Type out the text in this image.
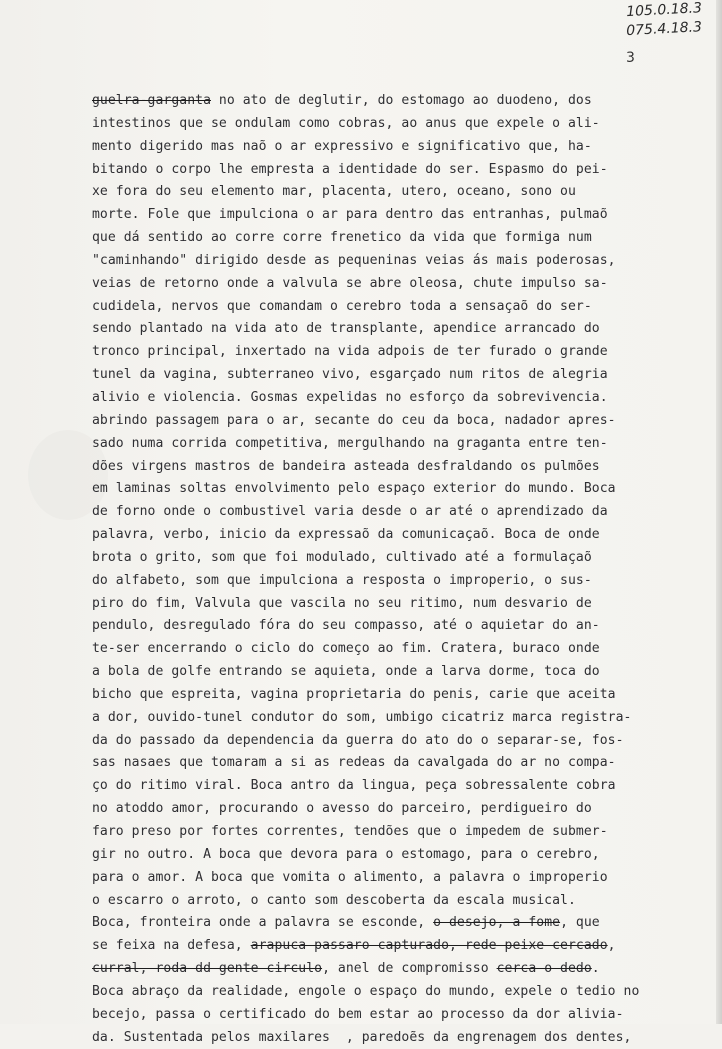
105.0.18.3
075.4.18.3
3
guelra-garganta no ato de deglutir, do estomago ao duodeno, dos
intestinos que se ondulam como cobras, ao anus que expele o ali-
mento digerido mas naõ o ar expressivo e significativo que, ha-
bitando o corpo lhe empresta a identidade do ser. Espasmo do pei-
xe fora do seu elemento mar, placenta, utero, oceano, sono ou
morte. Fole que impulciona o ar para dentro das entranhas, pulmaõ
que dá sentido ao corre corre frenetico da vida que formiga num
"caminhando" dirigido desde as pequeninas veias ás mais poderosas,
veias de retorno onde a valvula se abre oleosa, chute impulso sa-
cudidela, nervos que comandam o cerebro toda a sensaçaõ do ser-
sendo plantado na vida ato de transplante, apendice arrancado do
tronco principal, inxertado na vida adpois de ter furado o grande
tunel da vagina, subterraneo vivo, esgarçado num ritos de alegria
alivio e violencia. Gosmas expelidas no esforço da sobrevivencia.
abrindo passagem para o ar, secante do ceu da boca, nadador apres-
sado numa corrida competitiva, mergulhando na graganta entre ten-
dões virgens mastros de bandeira asteada desfraldando os pulmões
em laminas soltas envolvimento pelo espaço exterior do mundo. Boca
de forno onde o combustivel varia desde o ar até o aprendizado da
palavra, verbo, inicio da expressaõ da comunicaçaõ. Boca de onde
brota o grito, som que foi modulado, cultivado até a formulaçaõ
do alfabeto, som que impulciona a resposta o improperio, o sus-
piro do fim, Valvula que vascila no seu ritimo, num desvario de
pendulo, desregulado fóra do seu compasso, até o aquietar do an-
te-ser encerrando o ciclo do começo ao fim. Cratera, buraco onde
a bola de golfe entrando se aquieta, onde a larva dorme, toca do
bicho que espreita, vagina proprietaria do penis, carie que aceita
a dor, ouvido-tunel condutor do som, umbigo cicatriz marca registra-
da do passado da dependencia da guerra do ato do o separar-se, fos-
sas nasaes que tomaram a si as redeas da cavalgada do ar no compa-
ço do ritimo viral. Boca antro da lingua, peça sobressalente cobra
no atoddo amor, procurando o avesso do parceiro, perdigueiro do
faro preso por fortes correntes, tendões que o impedem de submer-
gir no outro. A boca que devora para o estomago, para o cerebro,
para o amor. A boca que vomita o alimento, a palavra o improperio
o escarro o arroto, o canto som descoberta da escala musical.
Boca, fronteira onde a palavra se esconde, o desejo, a fome, que
se feixa na defesa, arapuca passaro capturado, rede peixe cercado,
curral, roda dd gente circulo, anel de compromisso cerca o dedo.
Boca abraço da realidade, engole o espaço do mundo, expele o tedio no
becejo, passa o certificado do bem estar ao processo da dor alivia-
da. Sustentada pelos maxilares  , paredoẽs da engrenagem dos dentes,
